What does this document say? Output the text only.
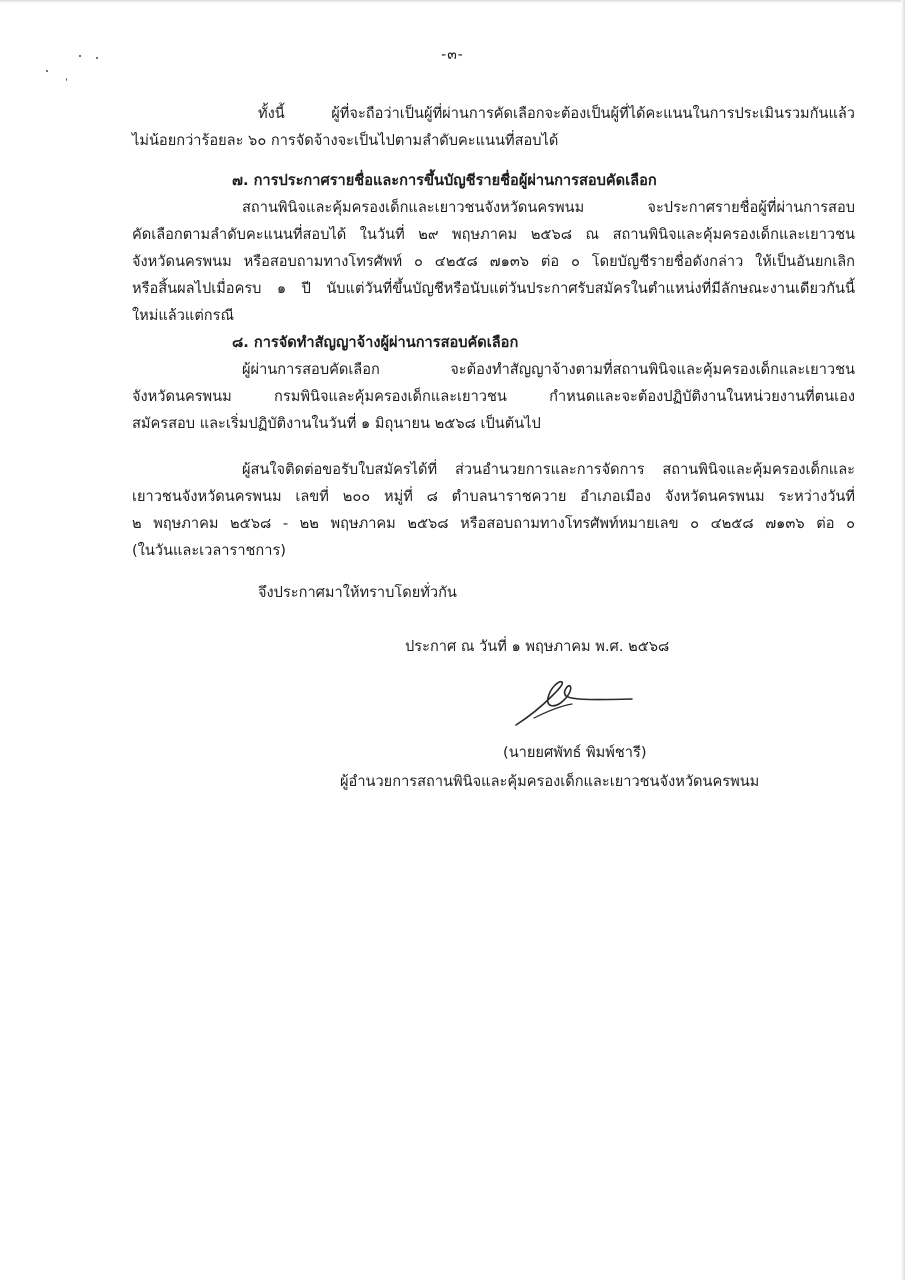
-๓-
ทั้งนี้ ผู้ที่จะถือว่าเป็นผู้ที่ผ่านการคัดเลือกจะต้องเป็นผู้ที่ได้คะแนนในการประเมินรวมกันแล้ว
ไม่น้อยกว่าร้อยละ ๖๐ การจัดจ้างจะเป็นไปตามลำดับคะแนนที่สอบได้
๗. การประกาศรายชื่อและการขึ้นบัญชีรายชื่อผู้ผ่านการสอบคัดเลือก
สถานพินิจและคุ้มครองเด็กและเยาวชนจังหวัดนครพนม จะประกาศรายชื่อผู้ที่ผ่านการสอบ
คัดเลือกตามลำดับคะแนนที่สอบได้ ในวันที่ ๒๙ พฤษภาคม ๒๕๖๘ ณ สถานพินิจและคุ้มครองเด็กและเยาวชน
จังหวัดนครพนม หรือสอบถามทางโทรศัพท์ ๐ ๔๒๕๘ ๗๑๓๖ ต่อ ๐ โดยบัญชีรายชื่อดังกล่าว ให้เป็นอันยกเลิก
หรือสิ้นผลไปเมื่อครบ ๑ ปี นับแต่วันที่ขึ้นบัญชีหรือนับแต่วันประกาศรับสมัครในตำแหน่งที่มีลักษณะงานเดียวกันนี้
ใหม่แล้วแต่กรณี
๘. การจัดทำสัญญาจ้างผู้ผ่านการสอบคัดเลือก
ผู้ผ่านการสอบคัดเลือก จะต้องทำสัญญาจ้างตามที่สถานพินิจและคุ้มครองเด็กและเยาวชน
จังหวัดนครพนม กรมพินิจและคุ้มครองเด็กและเยาวชน กำหนดและจะต้องปฏิบัติงานในหน่วยงานที่ตนเอง
สมัครสอบ และเริ่มปฏิบัติงานในวันที่ ๑ มิถุนายน ๒๕๖๘ เป็นต้นไป
ผู้สนใจติดต่อขอรับใบสมัครได้ที่ ส่วนอำนวยการและการจัดการ สถานพินิจและคุ้มครองเด็กและ
เยาวชนจังหวัดนครพนม เลขที่ ๒๐๐ หมู่ที่ ๘ ตำบลนาราชควาย อำเภอเมือง จังหวัดนครพนม ระหว่างวันที่
๒ พฤษภาคม ๒๕๖๘ - ๒๒ พฤษภาคม ๒๕๖๘ หรือสอบถามทางโทรศัพท์หมายเลข ๐ ๔๒๕๘ ๗๑๓๖ ต่อ ๐
(ในวันและเวลาราชการ)
จึงประกาศมาให้ทราบโดยทั่วกัน
ประกาศ ณ วันที่ ๑ พฤษภาคม พ.ศ. ๒๕๖๘
(นายยศพัทธ์ พิมพ์ชารี)
ผู้อำนวยการสถานพินิจและคุ้มครองเด็กและเยาวชนจังหวัดนครพนม
